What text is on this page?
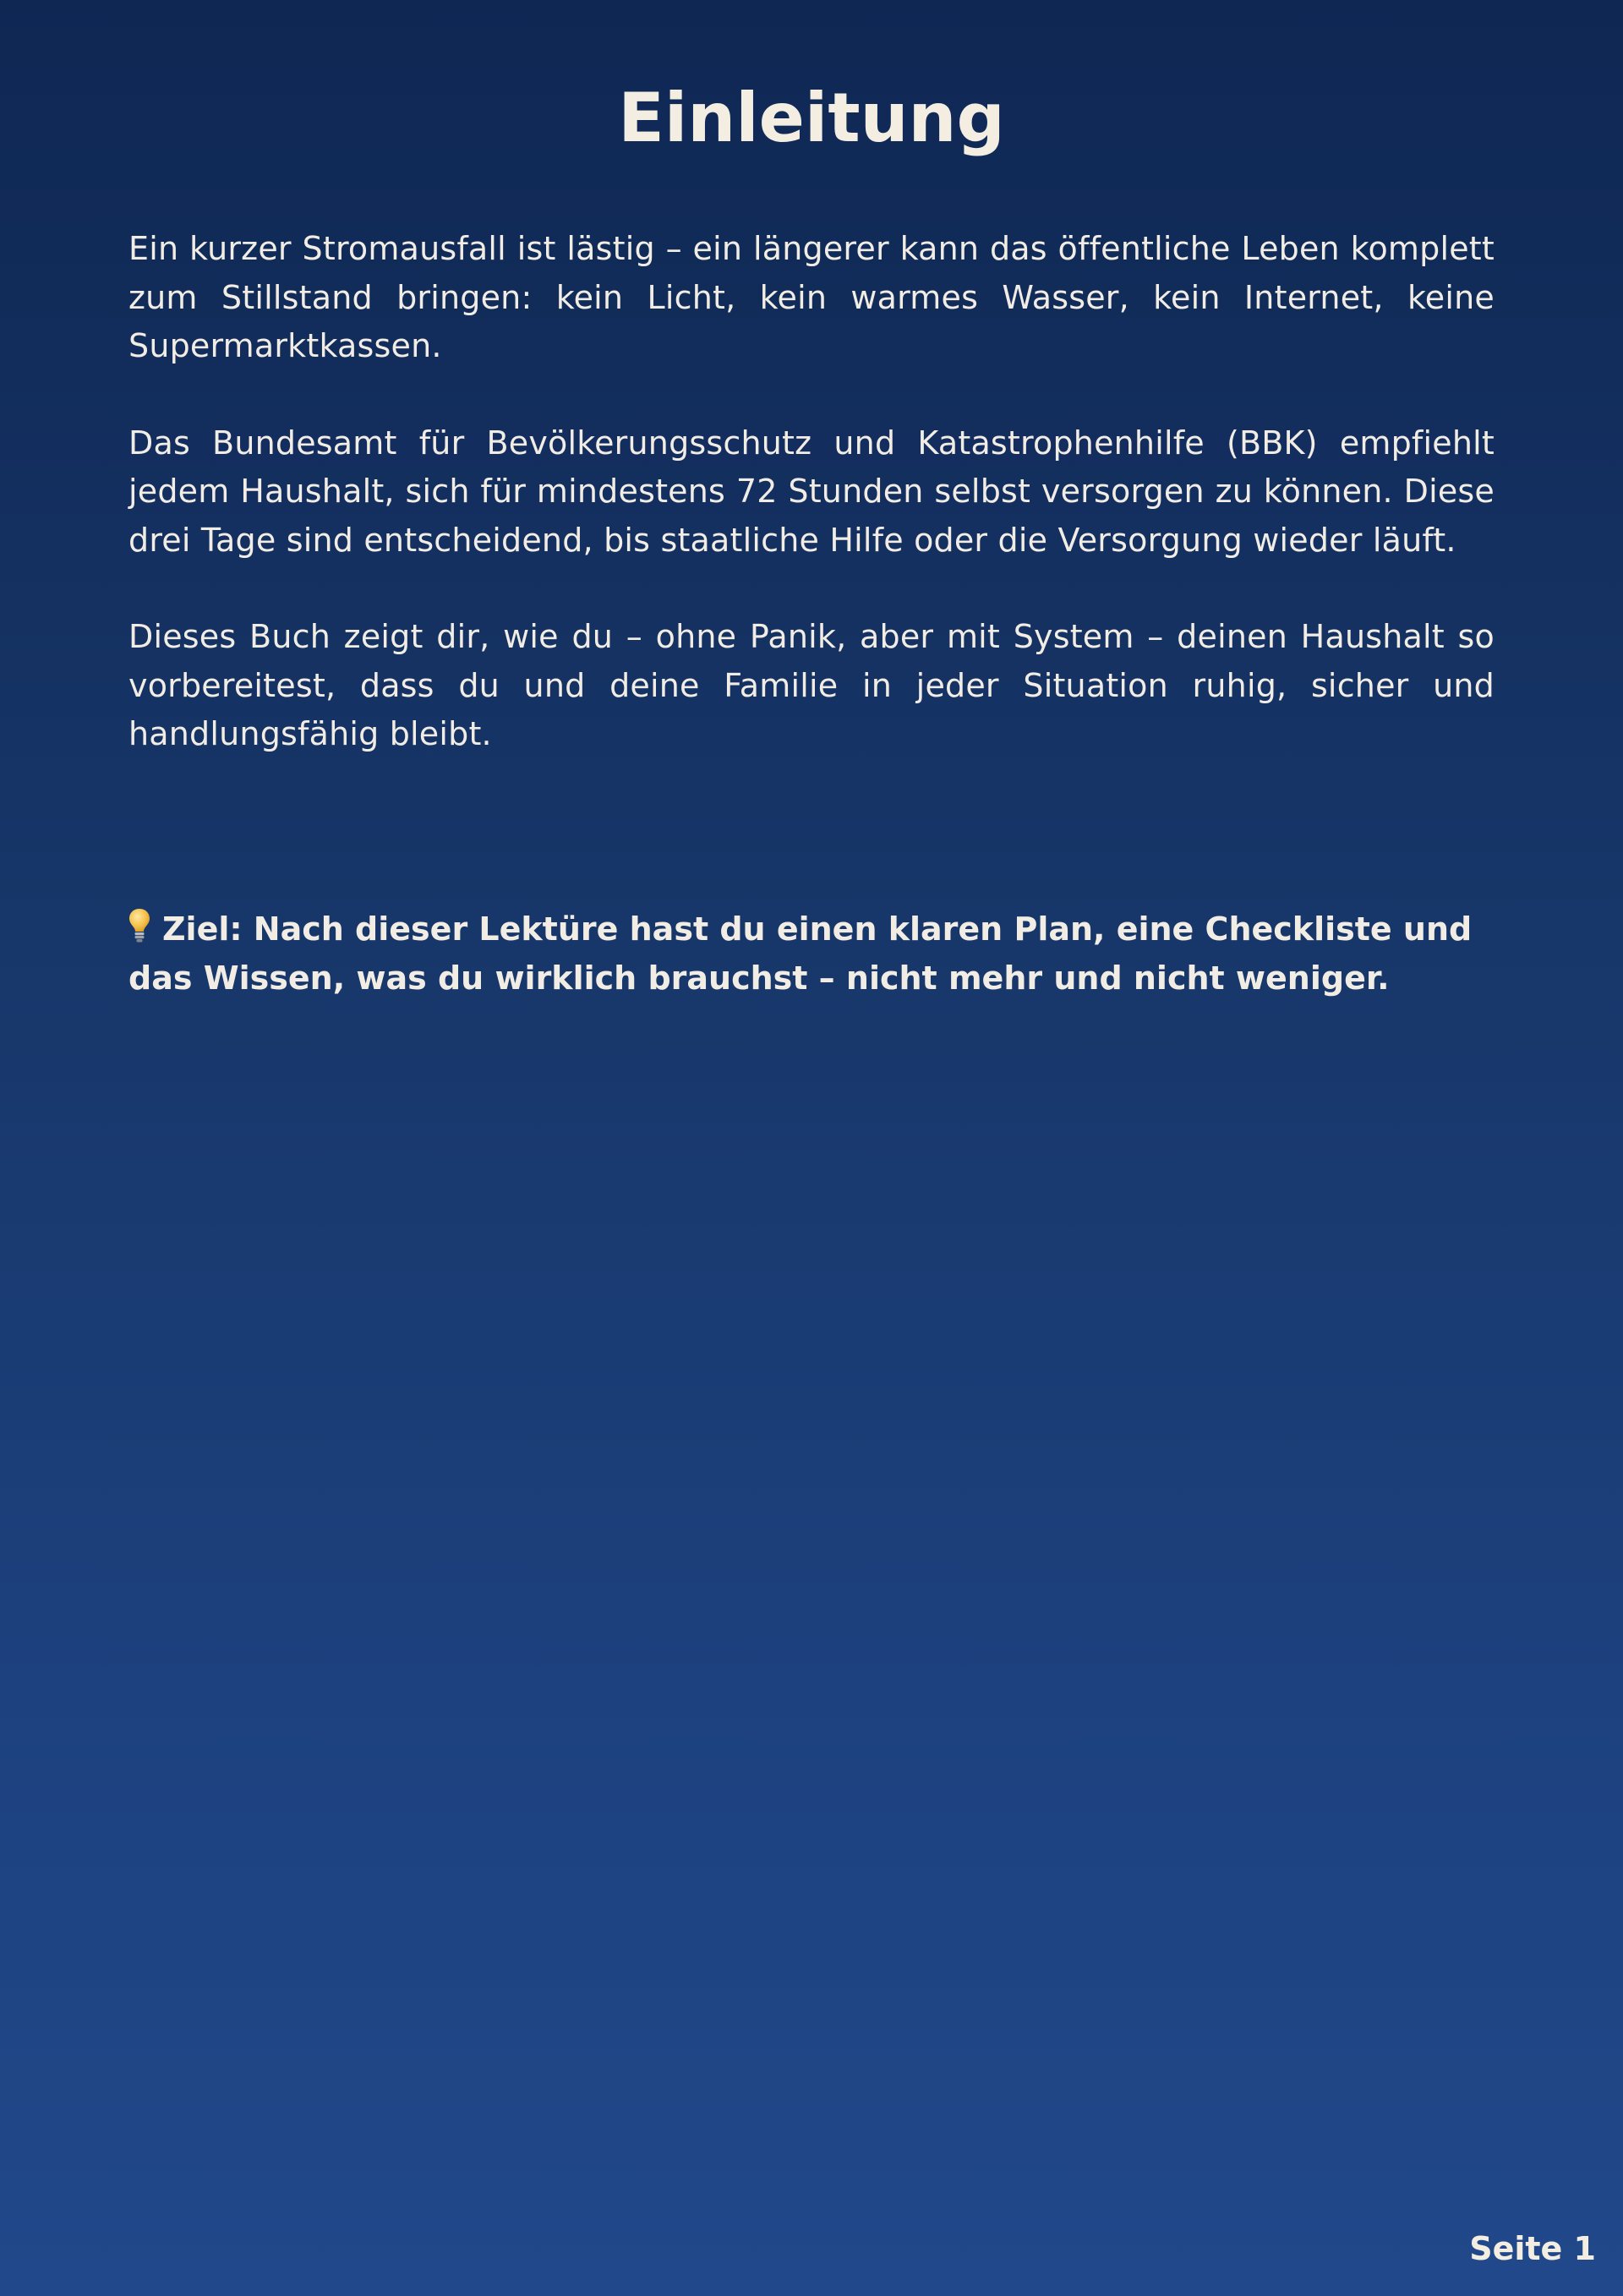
Einleitung

Ein kurzer Stromausfall ist lästig – ein längerer kann das öffentliche Leben komplett zum Stillstand bringen: kein Licht, kein warmes Wasser, kein Internet, keine Supermarktkassen.

Das Bundesamt für Bevölkerungsschutz und Katastrophenhilfe (BBK) empfiehlt jedem Haushalt, sich für mindestens 72 Stunden selbst versorgen zu können. Diese drei Tage sind entscheidend, bis staatliche Hilfe oder die Versorgung wieder läuft.

Dieses Buch zeigt dir, wie du – ohne Panik, aber mit System – deinen Haushalt so vorbereitest, dass du und deine Familie in jeder Situation ruhig, sicher und handlungsfähig bleibt.

Ziel: Nach dieser Lektüre hast du einen klaren Plan, eine Checkliste und das Wissen, was du wirklich brauchst – nicht mehr und nicht weniger.
Seite 1
